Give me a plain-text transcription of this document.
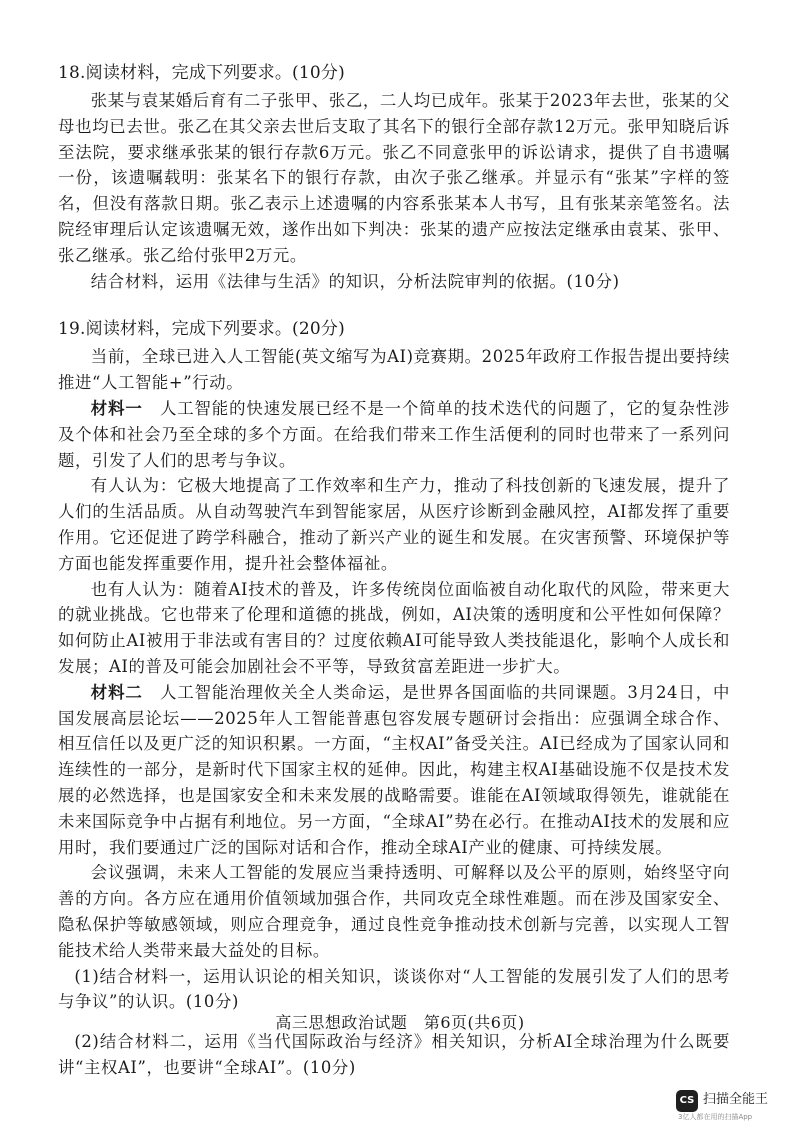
18.阅读材料，完成下列要求。(10分)

张某与袁某婚后育有二子张甲、张乙，二人均已成年。张某于2023年去世，张某的父母也均已去世。张乙在其父亲去世后支取了其名下的银行全部存款12万元。张甲知晓后诉至法院，要求继承张某的银行存款6万元。张乙不同意张甲的诉讼请求，提供了自书遗嘱一份，该遗嘱载明：张某名下的银行存款，由次子张乙继承。并显示有“张某”字样的签名，但没有落款日期。张乙表示上述遗嘱的内容系张某本人书写，且有张某亲笔签名。法院经审理后认定该遗嘱无效，遂作出如下判决：张某的遗产应按法定继承由袁某、张甲、张乙继承。张乙给付张甲2万元。

结合材料，运用《法律与生活》的知识，分析法院审判的依据。(10分)

19.阅读材料，完成下列要求。(20分)

当前，全球已进入人工智能(英文缩写为AI)竞赛期。2025年政府工作报告提出要持续推进“人工智能+”行动。

材料一　人工智能的快速发展已经不是一个简单的技术迭代的问题了，它的复杂性涉及个体和社会乃至全球的多个方面。在给我们带来工作生活便利的同时也带来了一系列问题，引发了人们的思考与争议。

有人认为：它极大地提高了工作效率和生产力，推动了科技创新的飞速发展，提升了人们的生活品质。从自动驾驶汽车到智能家居，从医疗诊断到金融风控，AI都发挥了重要作用。它还促进了跨学科融合，推动了新兴产业的诞生和发展。在灾害预警、环境保护等方面也能发挥重要作用，提升社会整体福祉。

也有人认为：随着AI技术的普及，许多传统岗位面临被自动化取代的风险，带来更大的就业挑战。它也带来了伦理和道德的挑战，例如，AI决策的透明度和公平性如何保障？如何防止AI被用于非法或有害目的？过度依赖AI可能导致人类技能退化，影响个人成长和发展；AI的普及可能会加剧社会不平等，导致贫富差距进一步扩大。

材料二　人工智能治理攸关全人类命运，是世界各国面临的共同课题。3月24日，中国发展高层论坛——2025年人工智能普惠包容发展专题研讨会指出：应强调全球合作、相互信任以及更广泛的知识积累。一方面，“主权AI”备受关注。AI已经成为了国家认同和连续性的一部分，是新时代下国家主权的延伸。因此，构建主权AI基础设施不仅是技术发展的必然选择，也是国家安全和未来发展的战略需要。谁能在AI领域取得领先，谁就能在未来国际竞争中占据有利地位。另一方面，“全球AI”势在必行。在推动AI技术的发展和应用时，我们要通过广泛的国际对话和合作，推动全球AI产业的健康、可持续发展。

会议强调，未来人工智能的发展应当秉持透明、可解释以及公平的原则，始终坚守向善的方向。各方应在通用价值领域加强合作，共同攻克全球性难题。而在涉及国家安全、隐私保护等敏感领域，则应合理竞争，通过良性竞争推动技术创新与完善，以实现人工智能技术给人类带来最大益处的目标。

(1)结合材料一，运用认识论的相关知识，谈谈你对“人工智能的发展引发了人们的思考与争议”的认识。(10分)

(2)结合材料二，运用《当代国际政治与经济》相关知识，分析AI全球治理为什么既要讲“主权AI”，也要讲“全球AI”。(10分)

高三思想政治试题　第6页(共6页)
CS 扫描全能王
3亿人都在用的扫描App
